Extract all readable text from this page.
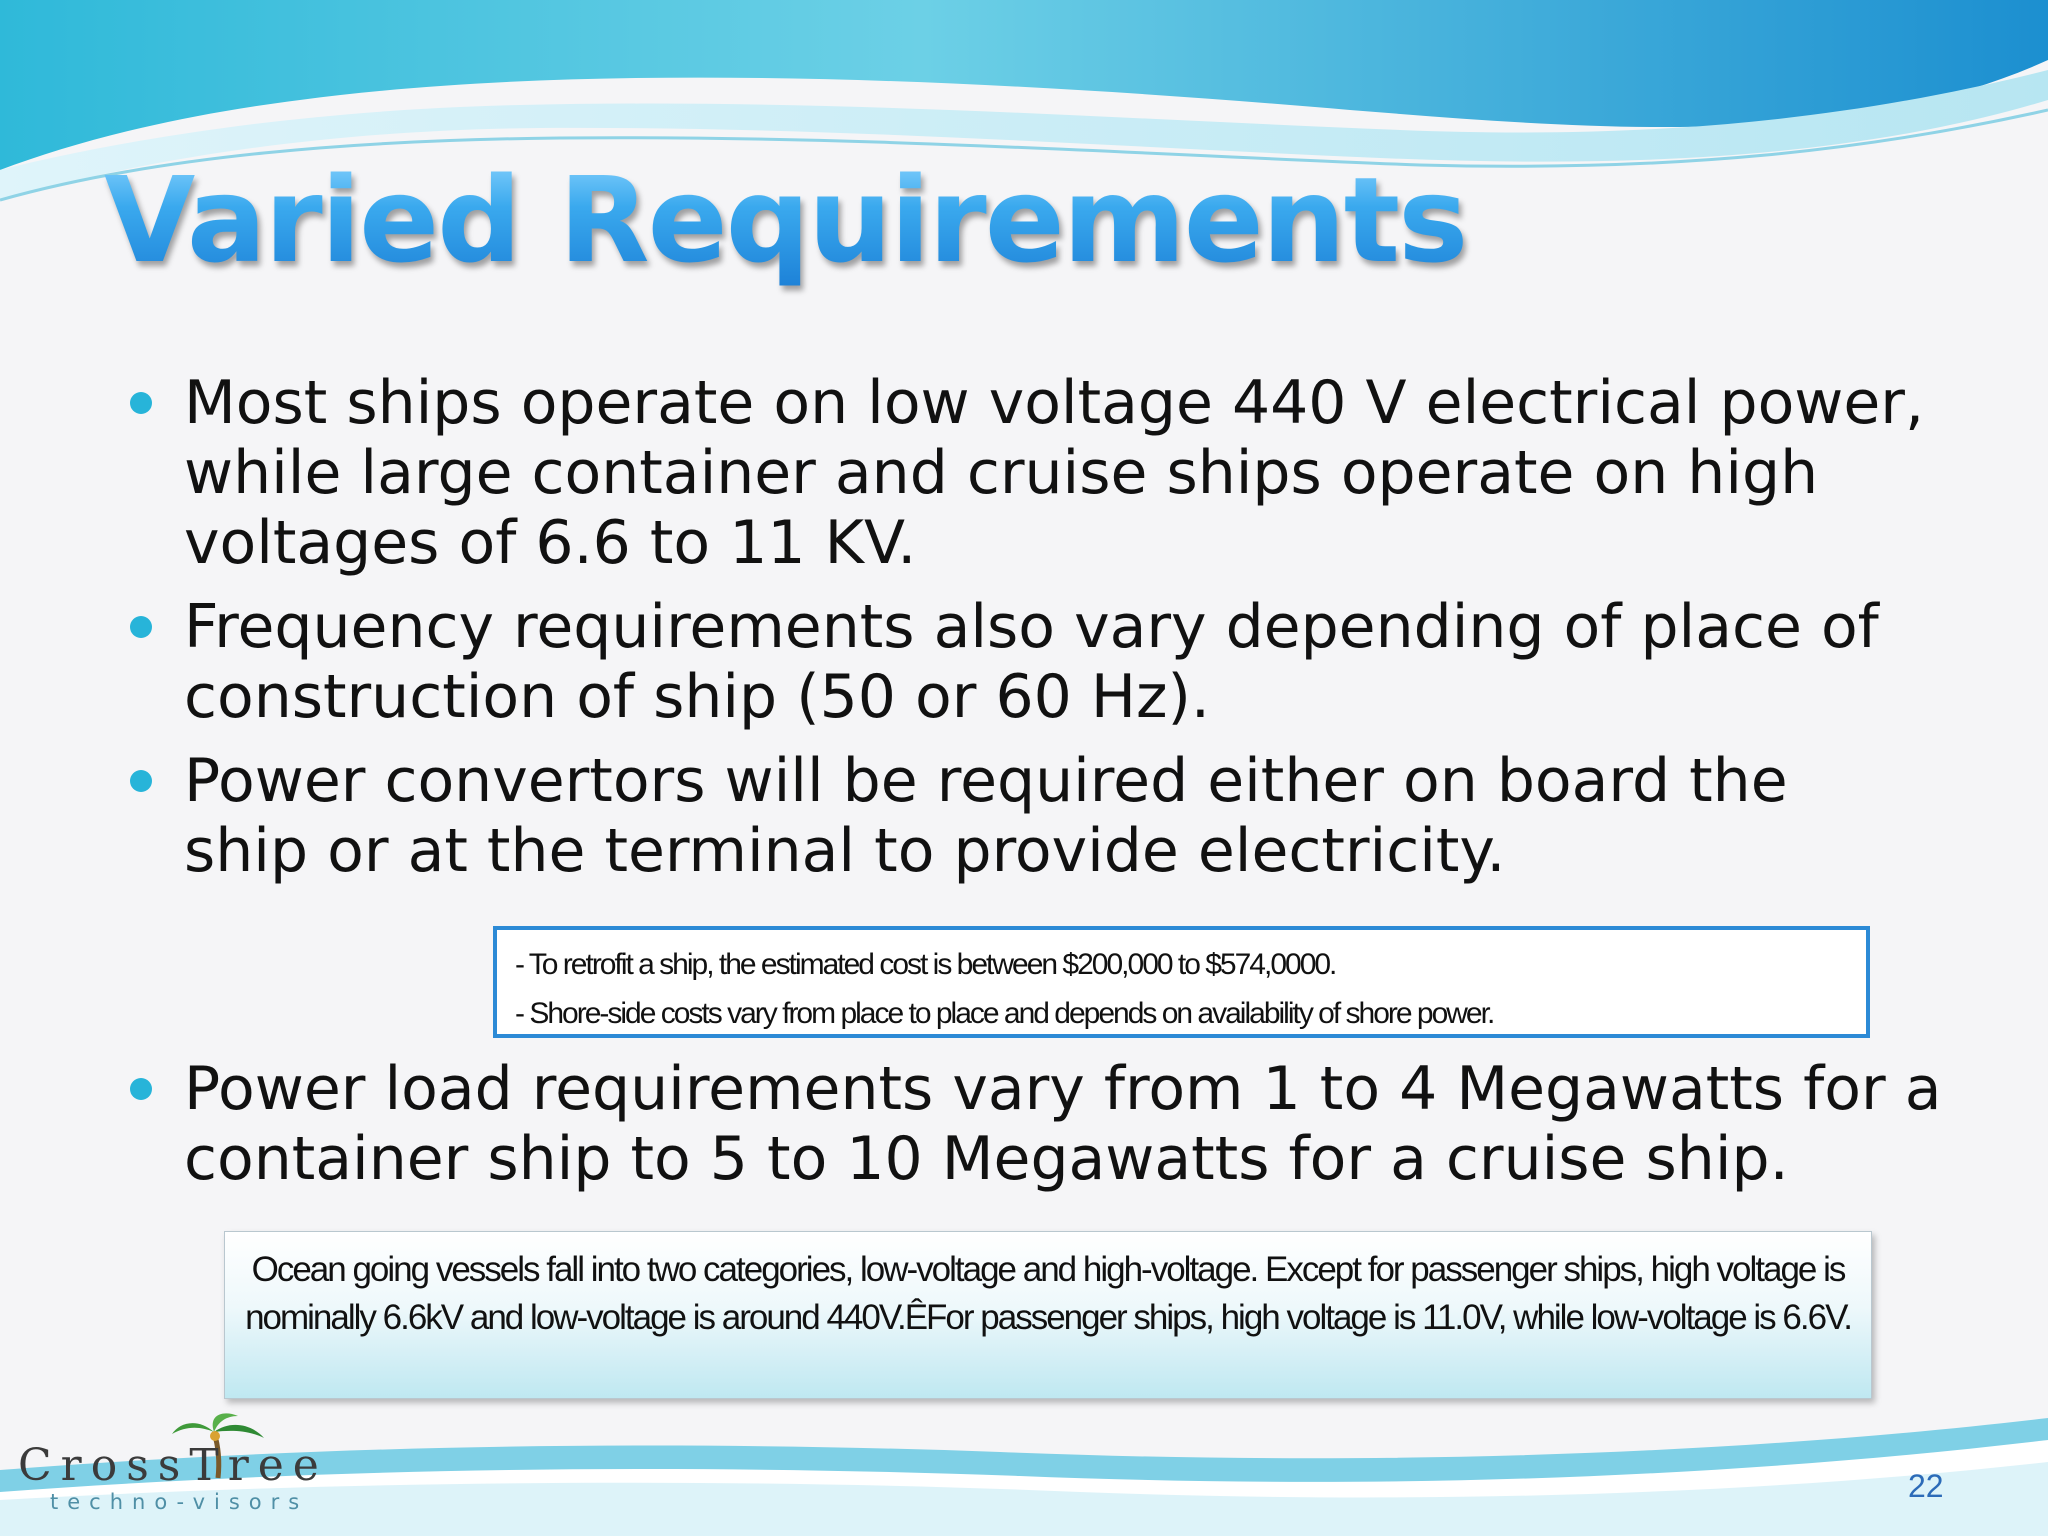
Varied Requirements
Most ships operate on low voltage 440 V electrical power, while large container and cruise ships operate on high voltages of 6.6 to 11 KV.
Frequency requirements also vary depending of place of construction of ship (50 or 60 Hz).
Power convertors will be required either on board the ship or at the terminal to provide electricity.
- To retrofit a ship, the estimated cost is between $200,000 to $574,0000.
- Shore-side costs vary from place to place and depends on availability of shore power.
Power load requirements vary from 1 to 4 Megawatts for a container ship to 5 to 10 Megawatts for a cruise ship.
Ocean going vessels fall into two categories, low-voltage and high-voltage. Except for passenger ships, high voltage is nominally 6.6kV and low-voltage is around 440V.ÊFor passenger ships, high voltage is 11.0V, while low-voltage is 6.6V.
CrossTree
techno-visors	22
